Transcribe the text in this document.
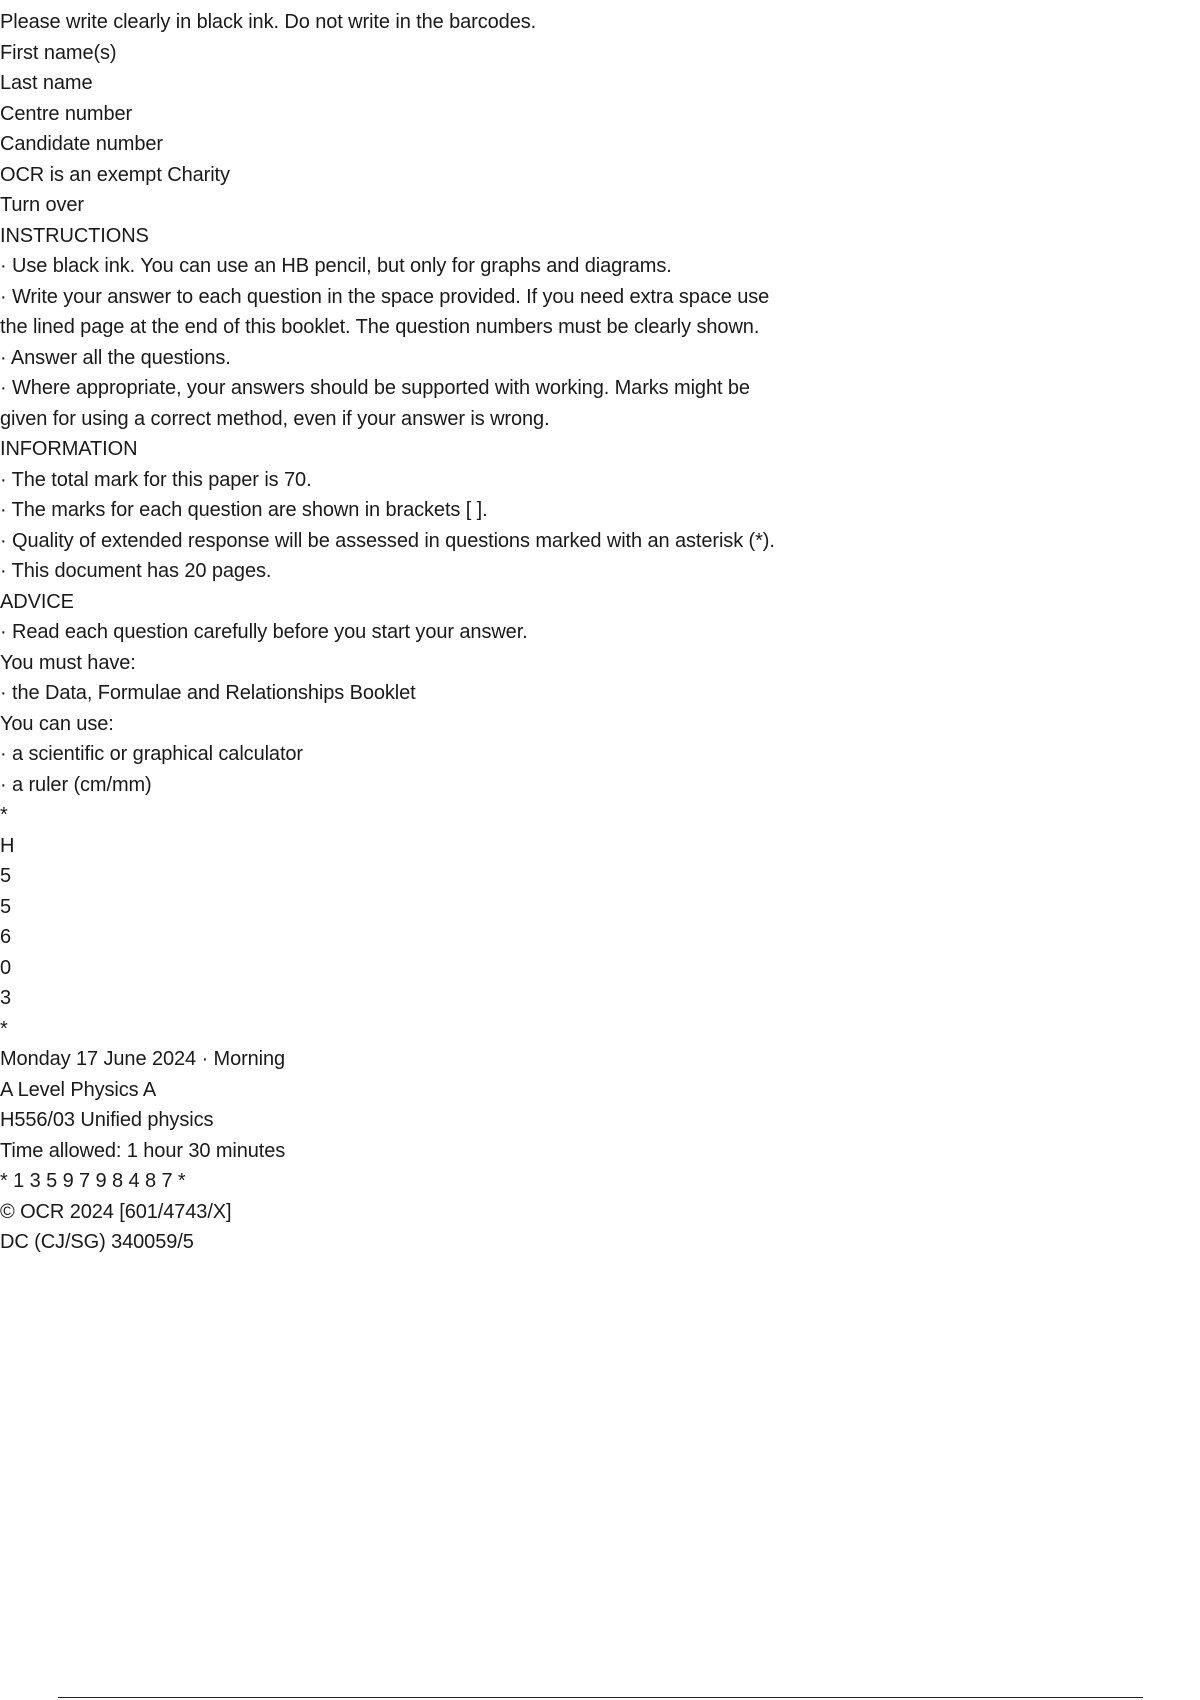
Please write clearly in black ink. Do not write in the barcodes.
First name(s)
Last name
Centre number
Candidate number
OCR is an exempt Charity
Turn over
INSTRUCTIONS
· Use black ink. You can use an HB pencil, but only for graphs and diagrams.
· Write your answer to each question in the space provided. If you need extra space use
the lined page at the end of this booklet. The question numbers must be clearly shown.
· Answer all the questions.
· Where appropriate, your answers should be supported with working. Marks might be
given for using a correct method, even if your answer is wrong.
INFORMATION
· The total mark for this paper is 70.
· The marks for each question are shown in brackets [ ].
· Quality of extended response will be assessed in questions marked with an asterisk (*).
· This document has 20 pages.
ADVICE
· Read each question carefully before you start your answer.
You must have:
· the Data, Formulae and Relationships Booklet
You can use:
· a scientific or graphical calculator
· a ruler (cm/mm)
*
H
5
5
6
0
3
*
Monday 17 June 2024 · Morning
A Level Physics A
H556/03 Unified physics
Time allowed: 1 hour 30 minutes
* 1 3 5 9 7 9 8 4 8 7 *
© OCR 2024 [601/4743/X]
DC (CJ/SG) 340059/5
